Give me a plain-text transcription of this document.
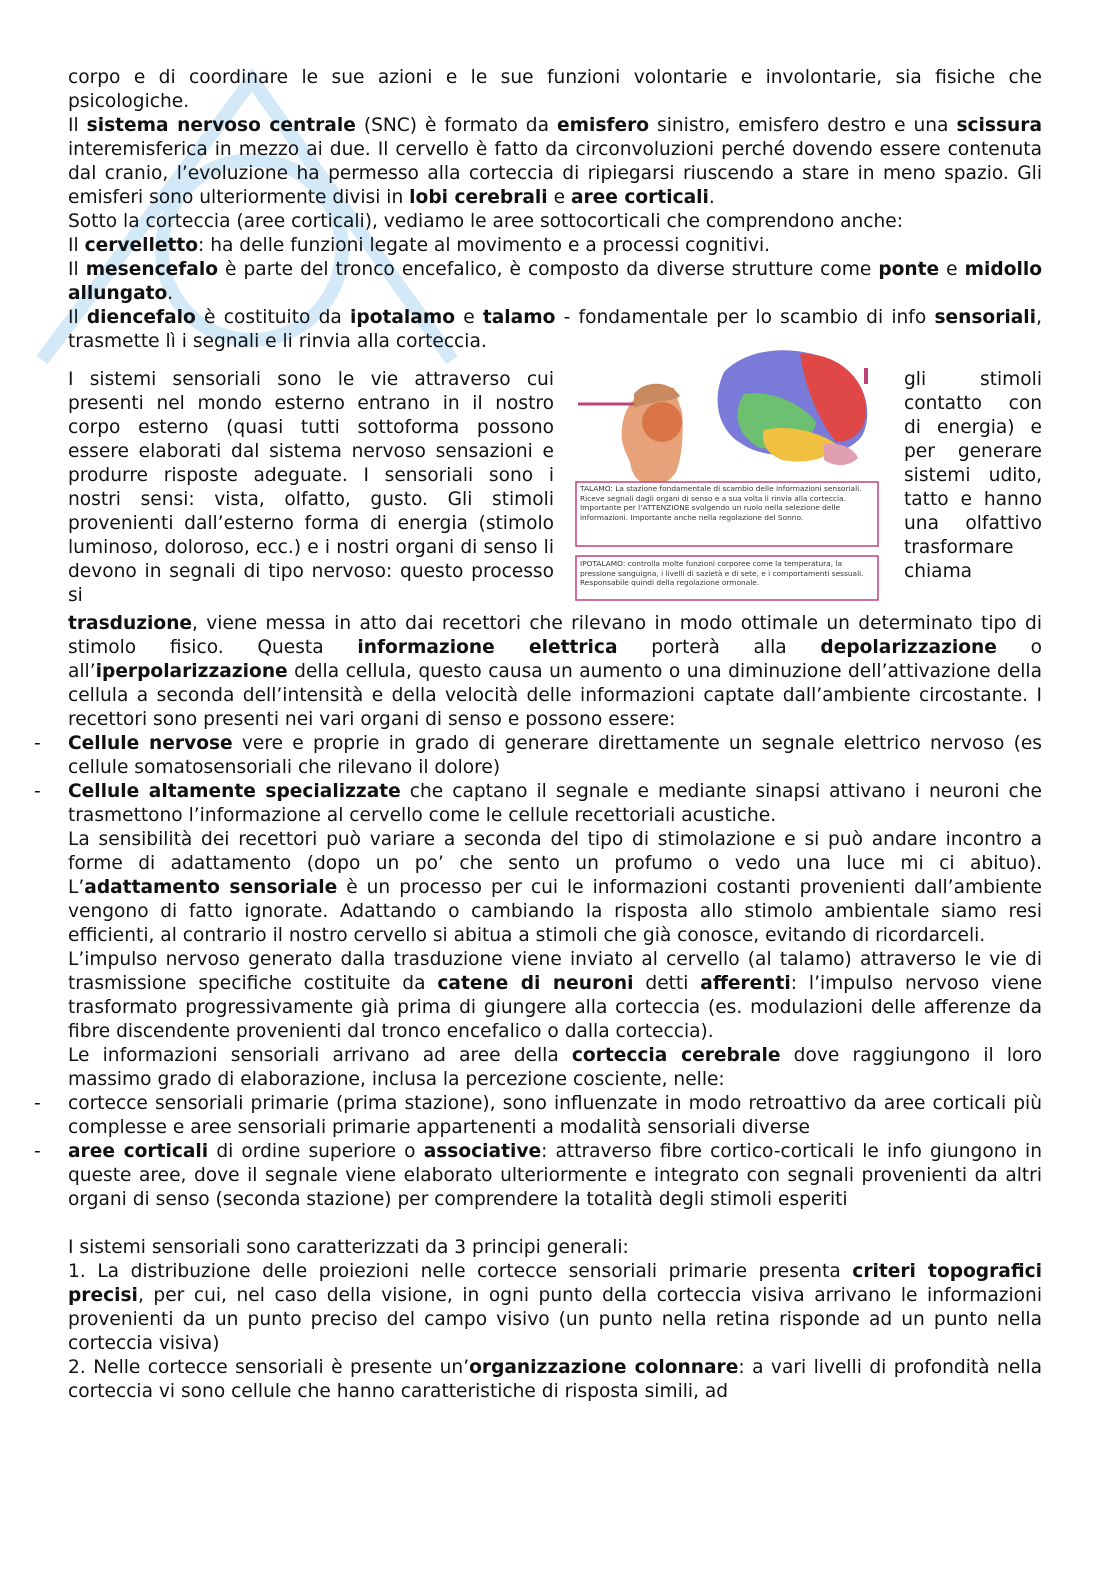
corpo e di coordinare le sue azioni e le sue funzioni volontarie e involontarie, sia fisiche che psicologiche.

Il sistema nervoso centrale (SNC) è formato da emisfero sinistro, emisfero destro e una scissura interemisferica in mezzo ai due. Il cervello è fatto da circonvoluzioni perché dovendo essere contenuta dal cranio, l’evoluzione ha permesso alla corteccia di ripiegarsi riuscendo a stare in meno spazio. Gli emisferi sono ulteriormente divisi in lobi cerebrali e aree corticali.

Sotto la corteccia (aree corticali), vediamo le aree sottocorticali che comprendono anche:

Il cervelletto: ha delle funzioni legate al movimento e a processi cognitivi.

Il mesencefalo è parte del tronco encefalico, è composto da diverse strutture come ponte e midollo allungato.

Il diencefalo è costituito da ipotalamo e talamo - fondamentale per lo scambio di info sensoriali, trasmette lì i segnali e li rinvia alla corteccia.

I sistemi sensoriali sono le vie attraverso cui presenti nel mondo esterno entrano in il nostro corpo esterno (quasi tutti sottoforma possono essere elaborati dal sistema nervoso sensazioni e produrre risposte adeguate. I sensoriali sono i nostri sensi: vista, olfatto, gusto. Gli stimoli provenienti dall’esterno forma di energia (stimolo luminoso, doloroso, ecc.) e i nostri organi di senso li devono in segnali di tipo nervoso: questo processo si

TALAMO: La stazione fondamentale di scambio delle informazioni sensoriali. Riceve segnali dagli organi di senso e a sua volta li rinvia alla corteccia. Importante per l’ATTENZIONE svolgendo un ruolo nella selezione delle informazioni. Importante anche nella regolazione del Sonno.
IPOTALAMO: controlla molte funzioni corporee come la temperatura, la pressione sanguigna, i livelli di sazietà e di sete, e i comportamenti sessuali. Responsabile quindi della regolazione ormonale.

gli stimoli contatto con di energia) e per generare sistemi udito, tatto e hanno una olfattivo trasformare chiama

trasduzione, viene messa in atto dai recettori che rilevano in modo ottimale un determinato tipo di stimolo fisico. Questa informazione elettrica porterà alla depolarizzazione o all’iperpolarizzazione della cellula, questo causa un aumento o una diminuzione dell’attivazione della cellula a seconda dell’intensità e della velocità delle informazioni captate dall’ambiente circostante. I recettori sono presenti nei vari organi di senso e possono essere:

- Cellule nervose vere e proprie in grado di generare direttamente un segnale elettrico nervoso (es cellule somatosensoriali che rilevano il dolore)

- Cellule altamente specializzate che captano il segnale e mediante sinapsi attivano i neuroni che trasmettono l’informazione al cervello come le cellule recettoriali acustiche.

La sensibilità dei recettori può variare a seconda del tipo di stimolazione e si può andare incontro a forme di adattamento (dopo un po’ che sento un profumo o vedo una luce mi ci abituo). L’adattamento sensoriale è un processo per cui le informazioni costanti provenienti dall’ambiente vengono di fatto ignorate. Adattando o cambiando la risposta allo stimolo ambientale siamo resi efficienti, al contrario il nostro cervello si abitua a stimoli che già conosce, evitando di ricordarceli.

L’impulso nervoso generato dalla trasduzione viene inviato al cervello (al talamo) attraverso le vie di trasmissione specifiche costituite da catene di neuroni detti afferenti: l’impulso nervoso viene trasformato progressivamente già prima di giungere alla corteccia (es. modulazioni delle afferenze da fibre discendente provenienti dal tronco encefalico o dalla corteccia).

Le informazioni sensoriali arrivano ad aree della corteccia cerebrale dove raggiungono il loro massimo grado di elaborazione, inclusa la percezione cosciente, nelle:

- cortecce sensoriali primarie (prima stazione), sono influenzate in modo retroattivo da aree corticali più complesse e aree sensoriali primarie appartenenti a modalità sensoriali diverse

- aree corticali di ordine superiore o associative: attraverso fibre cortico-corticali le info giungono in queste aree, dove il segnale viene elaborato ulteriormente e integrato con segnali provenienti da altri organi di senso (seconda stazione) per comprendere la totalità degli stimoli esperiti

I sistemi sensoriali sono caratterizzati da 3 principi generali:

1. La distribuzione delle proiezioni nelle cortecce sensoriali primarie presenta criteri topografici precisi, per cui, nel caso della visione, in ogni punto della corteccia visiva arrivano le informazioni provenienti da un punto preciso del campo visivo (un punto nella retina risponde ad un punto nella corteccia visiva)

2. Nelle cortecce sensoriali è presente un’organizzazione colonnare: a vari livelli di profondità nella corteccia vi sono cellule che hanno caratteristiche di risposta simili, ad
